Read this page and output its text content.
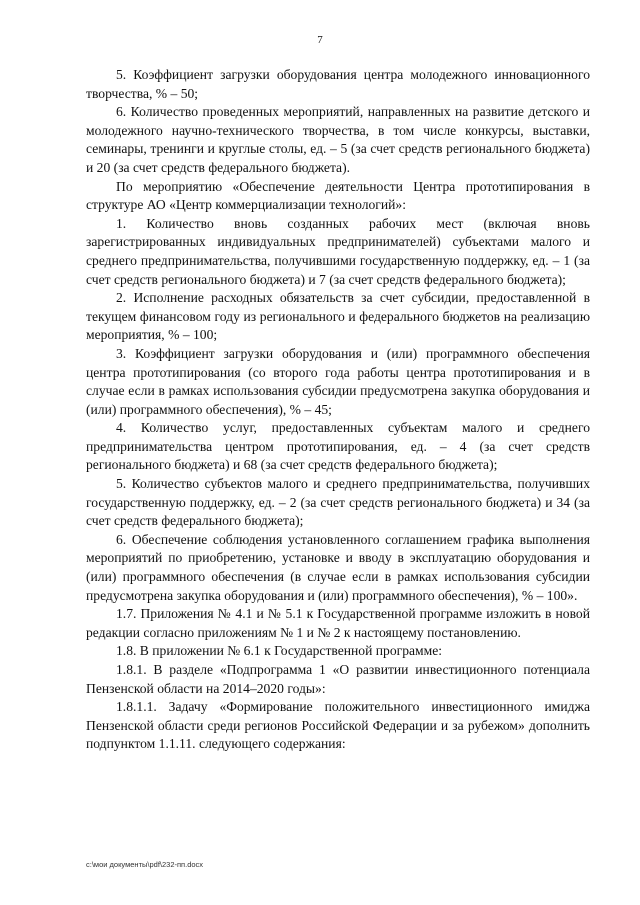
7

5. Коэффициент загрузки оборудования центра молодежного инновационного творчества, % – 50;

6. Количество проведенных мероприятий, направленных на развитие детского и молодежного научно-технического творчества, в том числе конкурсы, выставки, семинары, тренинги и круглые столы, ед. – 5 (за счет средств регионального бюджета) и 20 (за счет средств федерального бюджета).

По мероприятию «Обеспечение деятельности Центра прототипирования в структуре АО «Центр коммерциализации технологий»:

1. Количество вновь созданных рабочих мест (включая вновь зарегистрированных индивидуальных предпринимателей) субъектами малого и среднего предпринимательства, получившими государственную поддержку, ед. – 1 (за счет средств регионального бюджета) и 7 (за счет средств федерального бюджета);

2. Исполнение расходных обязательств за счет субсидии, предоставленной в текущем финансовом году из регионального и федерального бюджетов на реализацию мероприятия, % – 100;

3. Коэффициент загрузки оборудования и (или) программного обеспечения центра прототипирования (со второго года работы центра прототипирования и в случае если в рамках использования субсидии предусмотрена закупка оборудования и (или) программного обеспечения), % – 45;

4. Количество услуг, предоставленных субъектам малого и среднего предпринимательства центром прототипирования, ед. – 4 (за счет средств регионального бюджета) и 68 (за счет средств федерального бюджета);

5. Количество субъектов малого и среднего предпринимательства, получивших государственную поддержку, ед. – 2 (за счет средств регионального бюджета) и 34 (за счет средств федерального бюджета);

6. Обеспечение соблюдения установленного соглашением графика выполнения мероприятий по приобретению, установке и вводу в эксплуатацию оборудования и (или) программного обеспечения (в случае если в рамках использования субсидии предусмотрена закупка оборудования и (или) программного обеспечения), % – 100».

1.7. Приложения № 4.1 и № 5.1 к Государственной программе изложить в новой редакции согласно приложениям № 1 и № 2 к настоящему постановлению.

1.8. В приложении № 6.1 к Государственной программе:

1.8.1. В разделе «Подпрограмма 1 «О развитии инвестиционного потенциала Пензенской области на 2014–2020 годы»:

1.8.1.1. Задачу «Формирование положительного инвестиционного имиджа Пензенской области среди регионов Российской Федерации и за рубежом» дополнить подпунктом 1.1.11. следующего содержания:

c:\мои документы\pdf\232-пп.docx
